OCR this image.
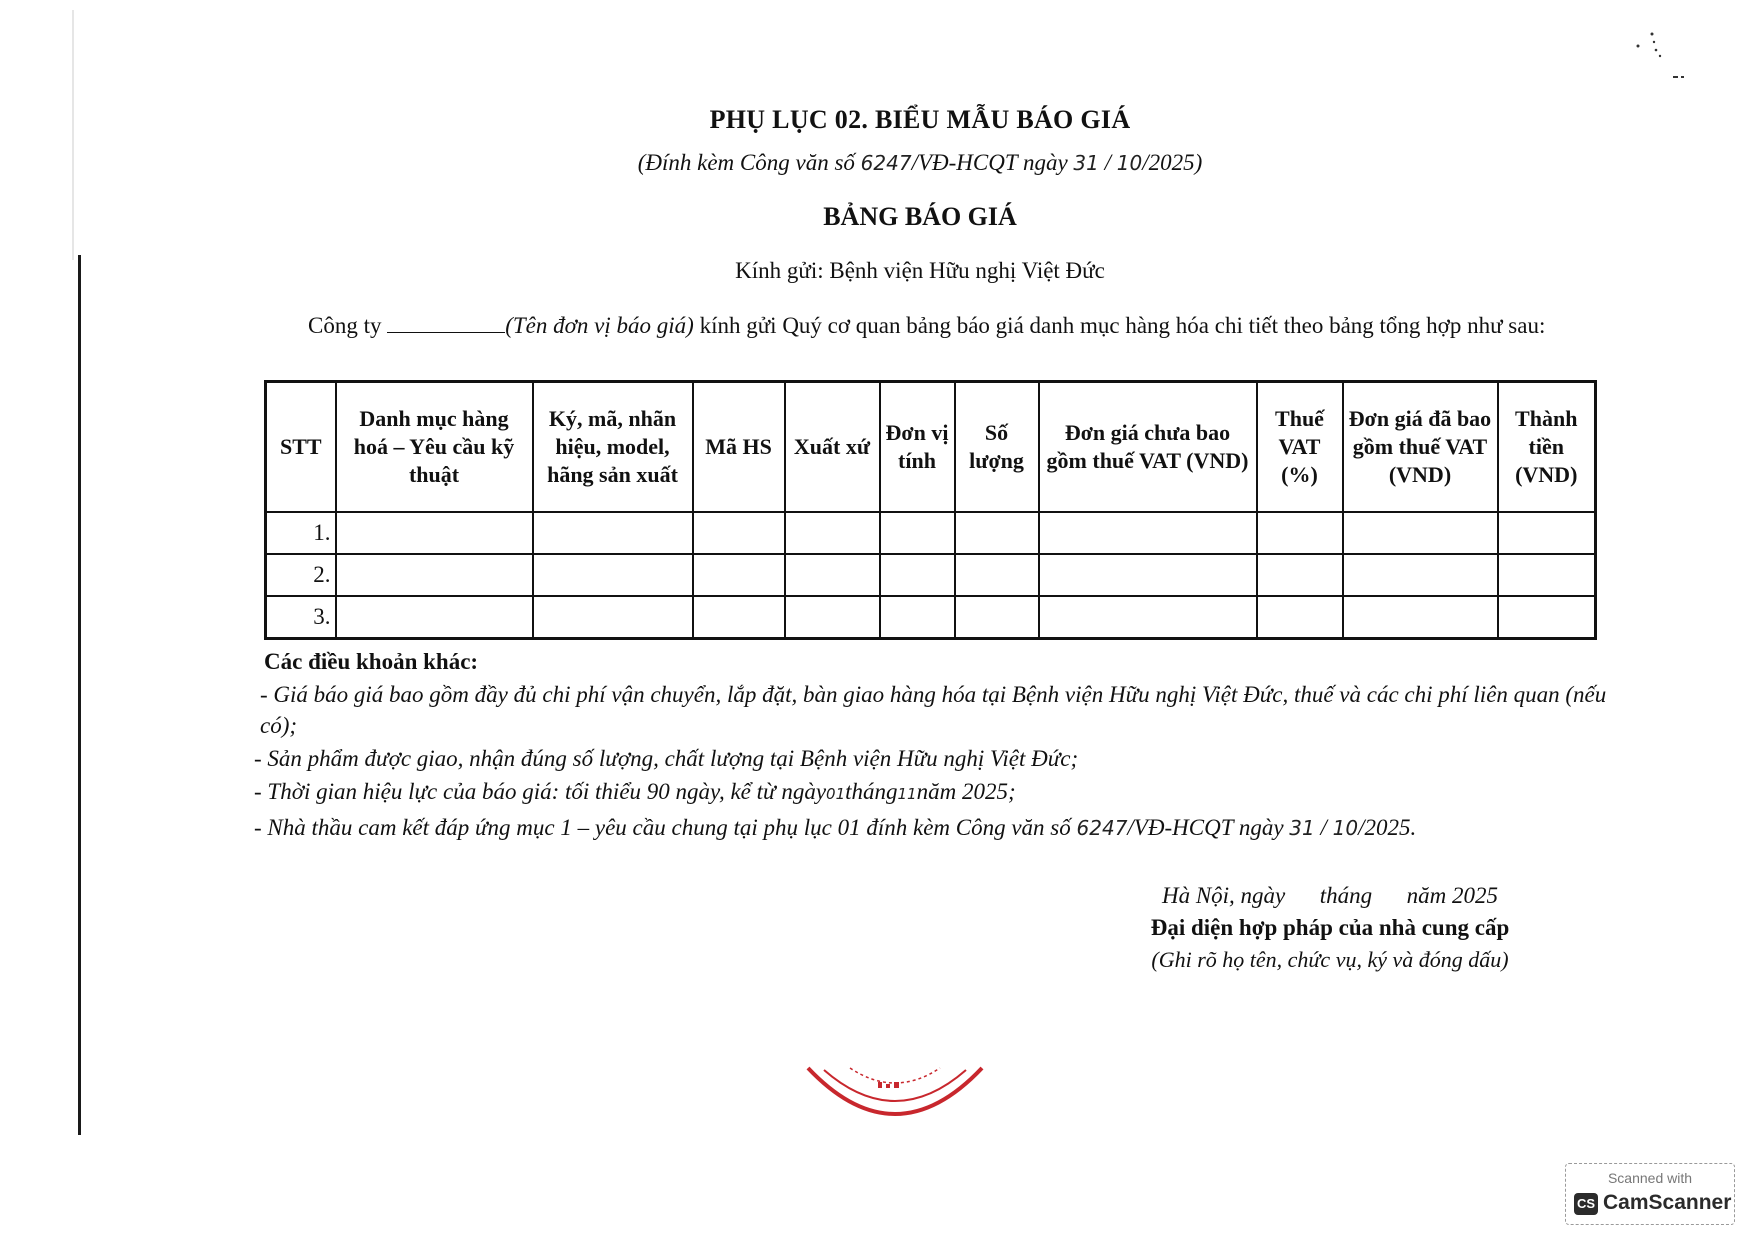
PHỤ LỤC 02. BIỂU MẪU BÁO GIÁ
(Đính kèm Công văn số 6247/VĐ-HCQT ngày 31 / 10/2025)
BẢNG BÁO GIÁ
Kính gửi: Bệnh viện Hữu nghị Việt Đức
Công ty	(Tên đơn vị báo giá) kính gửi Quý cơ quan bảng báo giá danh mục hàng hóa chi tiết theo bảng tổng hợp như sau:
STT	Danh mục hàng hoá – Yêu cầu kỹ thuật	Ký, mã, nhãn hiệu, model, hãng sản xuất	Mã HS	Xuất xứ	Đơn vị tính	Số lượng	Đơn giá chưa bao gồm thuế VAT (VND)	Thuế VAT (%)	Đơn giá đã bao gồm thuế VAT (VND)	Thành tiền (VND)
1.										
2.										
3.										
Các điều khoản khác:
- Giá báo giá bao gồm đầy đủ chi phí vận chuyển, lắp đặt, bàn giao hàng hóa tại Bệnh viện Hữu nghị Việt Đức, thuế và các chi phí liên quan (nếu có);
- Sản phẩm được giao, nhận đúng số lượng, chất lượng tại Bệnh viện Hữu nghị Việt Đức;
- Thời gian hiệu lực của báo giá: tối thiểu 90 ngày, kể từ ngày01tháng11năm 2025;
- Nhà thầu cam kết đáp ứng mục 1 – yêu cầu chung tại phụ lục 01 đính kèm Công văn số 6247/VĐ-HCQT ngày 31 / 10/2025.
Hà Nội, ngày      tháng      năm 2025
Đại diện hợp pháp của nhà cung cấp
(Ghi rõ họ tên, chức vụ, ký và đóng dấu)
Scanned with
CS CamScanner
